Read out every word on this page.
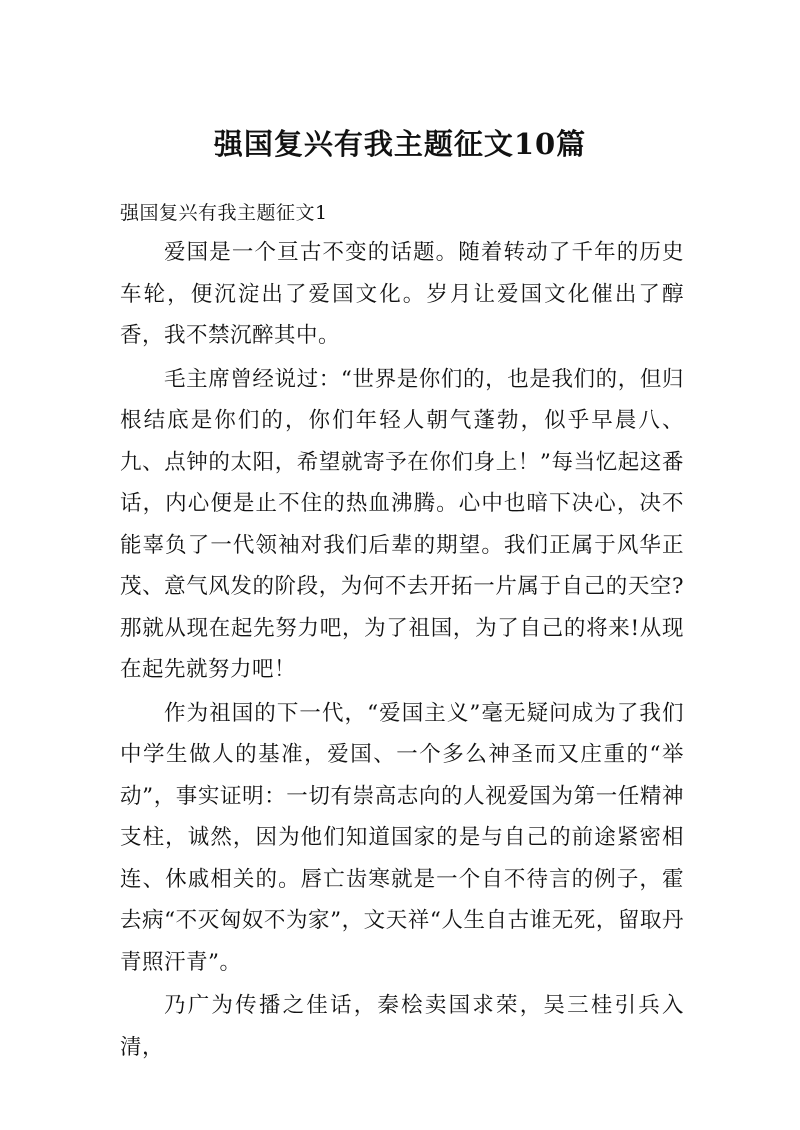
强国复兴有我主题征文10篇

强国复兴有我主题征文1

爱国是一个亘古不变的话题。随着转动了千年的历史车轮，便沉淀出了爱国文化。岁月让爱国文化催出了醇香，我不禁沉醉其中。

毛主席曾经说过：“世界是你们的，也是我们的，但归根结底是你们的，你们年轻人朝气蓬勃，似乎早晨八、九、点钟的太阳，希望就寄予在你们身上！”每当忆起这番话，内心便是止不住的热血沸腾。心中也暗下决心，决不能辜负了一代领袖对我们后辈的期望。我们正属于风华正茂、意气风发的阶段，为何不去开拓一片属于自己的天空?那就从现在起先努力吧，为了祖国，为了自己的将来!从现在起先就努力吧！

作为祖国的下一代，“爱国主义”毫无疑问成为了我们中学生做人的基准，爱国、一个多么神圣而又庄重的“举动”，事实证明：一切有崇高志向的人视爱国为第一任精神支柱，诚然，因为他们知道国家的是与自己的前途紧密相连、休戚相关的。唇亡齿寒就是一个自不待言的例子，霍去病“不灭匈奴不为家”，文天祥“人生自古谁无死，留取丹青照汗青”。

乃广为传播之佳话，秦桧卖国求荣，吴三桂引兵入清，
